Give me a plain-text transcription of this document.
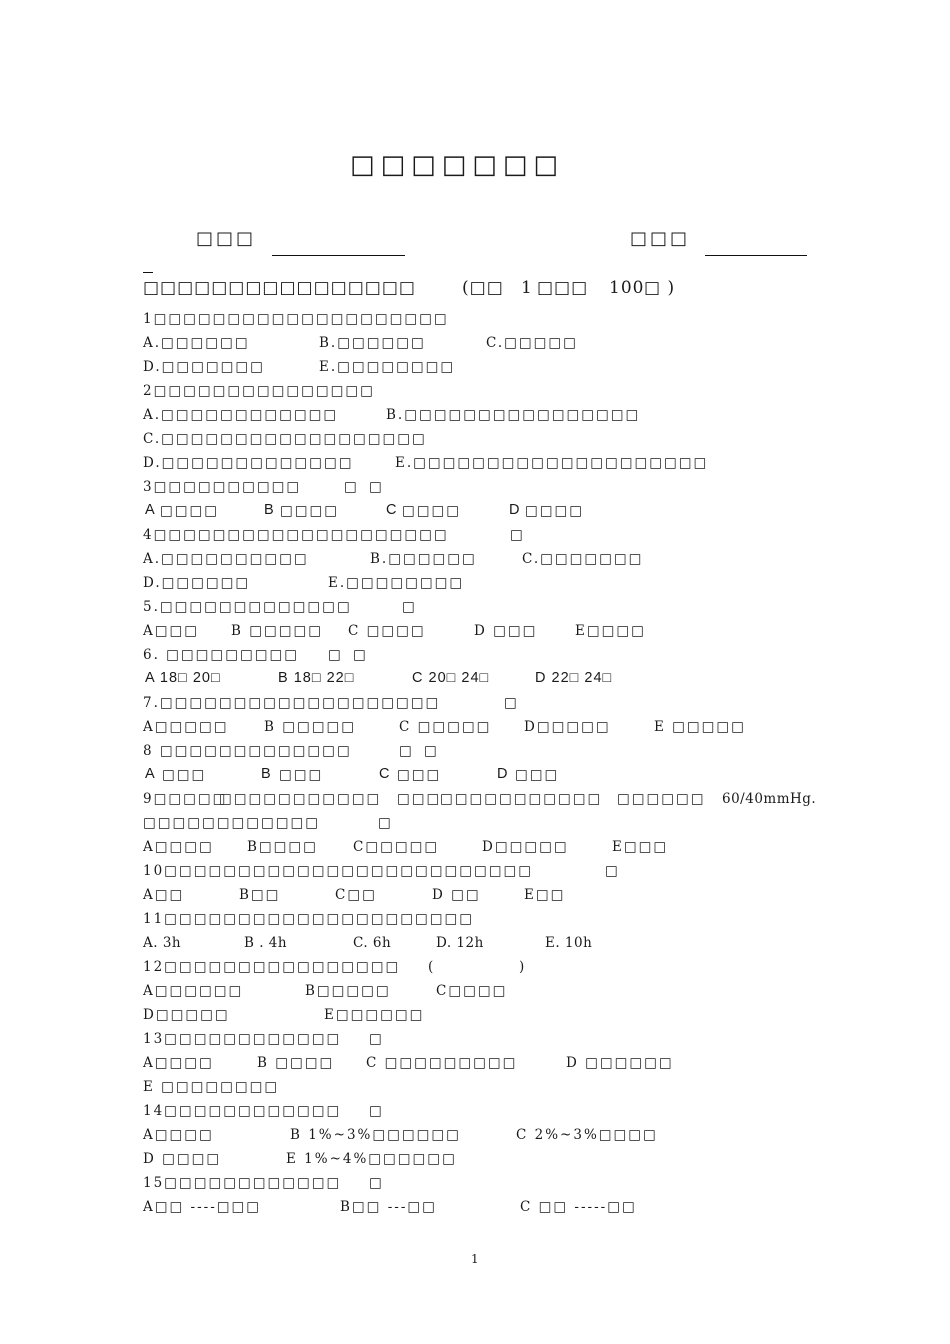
□□□□□□□
□□□	□□□
□□□□□□□□□□□□□□□□	(□□ 1 □□□ 100 □ )
1□□□□□□□□□□□□□□□□□□□□
A.□□□□□□	B.□□□□□□	C.□□□□□
D.□□□□□□□	E.□□□□□□□□
2□□□□□□□□□□□□□□□
A.□□□□□□□□□□□□	B.□□□□□□□□□□□□□□□□
C.□□□□□□□□□□□□□□□□□□
D.□□□□□□□□□□□□□	E.□□□□□□□□□□□□□□□□□□□□
3□□□□□□□□□□	□ □
A □□□□	B □□□□	C □□□□	D □□□□
4□□□□□□□□□□□□□□□□□□□□	□
A.□□□□□□□□□□	B.□□□□□□	C.□□□□□□□
D.□□□□□□	E.□□□□□□□□
5.□□□□□□□□□□□□□	□
A□□□ B □□□□□ C □□□□	D □□□	E□□□□
6. □□□□□□□□□ □ □
A 18□ 20□	B 18□ 22□	C 20□ 24□	D 22□ 24□
7.□□□□□□□□□□□□□□□□□□□	□
A□□□□□	B □□□□□	C □□□□□ D□□□□□	E □□□□□
8 □□□□□□□□□□□□□	□ □
A □□□	B □□□	C □□□	D □□□
9□□□□□
□□□□□□□□□□□ □□□
□□□□□□□□□□□ □□□□□□ 60/40mmHg.
□□□□□□□□□□□□	□
A□□□□ B□□□□	C□□□□□	D□□□□□	E□□□
10□□□□□□□□□□□□□□□□□□□□□□□□□	□
A□□	B□□	C□□	D □□	E□□
11□□□□□□□□□□□□□□□□□□□□□
A. 3h	B . 4h	C. 6h	D. 12h	E. 10h
12□□□□□□□□□□□□□□□□ (	)
A□□□□□□	B□□□□□	C□□□□
D□□□□□	E□□□□□□
13□□□□□□□□□□□□ □
A□□□□	B □□□□ C □□□□□□□□□	D □□□□□□
E □□□□□□□□
14□□□□□□□□□□□□ □
A□□□□	B 1%~3%□□□□□□	C 2%~3%□□□□
D □□□□	E 1%~4%□□□□□□
15□□□□□□□□□□□□ □
A□□ ----□□□	B□□ ---□□	C □□ -----□□
1
